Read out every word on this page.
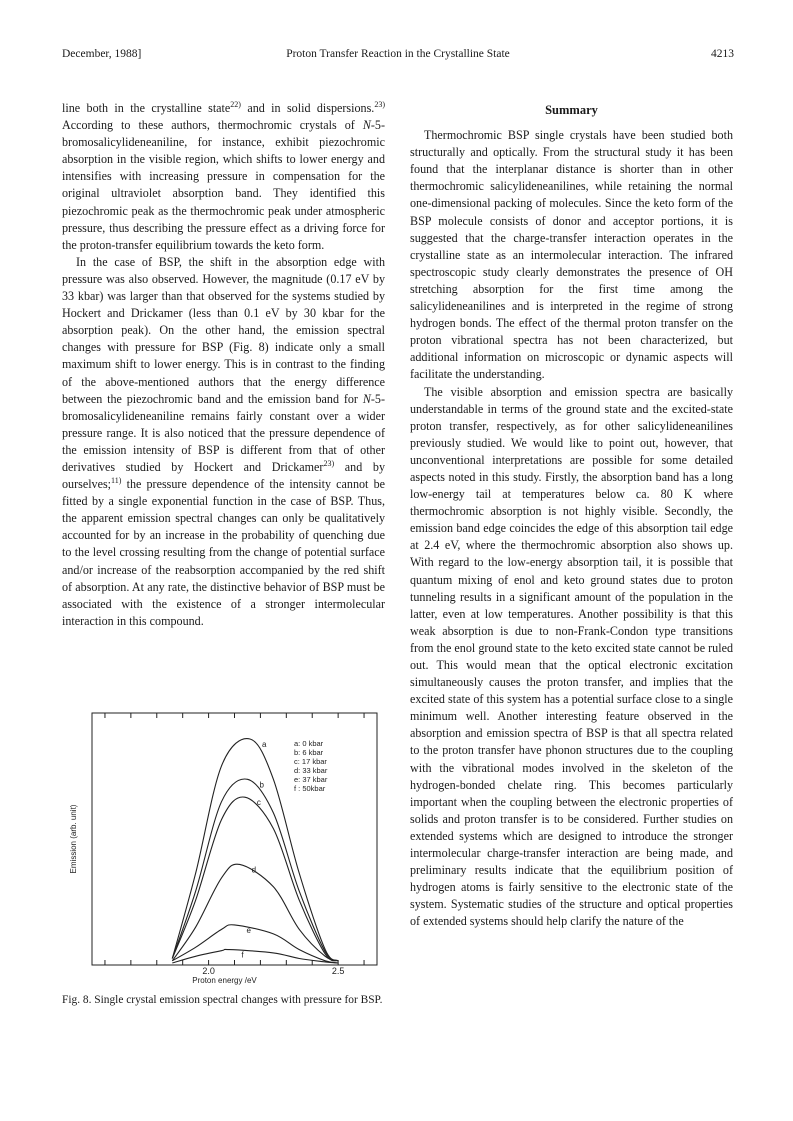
December, 1988]	Proton Transfer Reaction in the Crystalline State	4213

line both in the crystalline state$^{22)}$ and in solid dispersions.$^{23)}$ According to these authors, thermochromic crystals of N-5-bromosalicylideneaniline, for instance, exhibit piezochromic absorption in the visible region, which shifts to lower energy and intensifies with increasing pressure in compensation for the original ultraviolet absorption band. They identified this piezochromic peak as the thermochromic peak under atmospheric pressure, thus describing the pressure effect as a driving force for the proton-transfer equilibrium towards the keto form.

In the case of BSP, the shift in the absorption edge with pressure was also observed. However, the magnitude (0.17 eV by 33 kbar) was larger than that observed for the systems studied by Hockert and Drickamer (less than 0.1 eV by 30 kbar for the absorption peak). On the other hand, the emission spectral changes with pressure for BSP (Fig. 8) indicate only a small maximum shift to lower energy. This is in contrast to the finding of the above-mentioned authors that the energy difference between the piezochromic band and the emission band for N-5-bromosalicylideneaniline remains fairly constant over a wider pressure range. It is also noticed that the pressure dependence of the emission intensity of BSP is different from that of other derivatives studied by Hockert and Drickamer$^{23)}$ and by ourselves;$^{11)}$ the pressure dependence of the intensity cannot be fitted by a single exponential function in the case of BSP. Thus, the apparent emission spectral changes can only be qualitatively accounted for by an increase in the probability of quenching due to the level crossing resulting from the change of potential surface and/or increase of the reabsorption accompanied by the red shift of absorption. At any rate, the distinctive behavior of BSP must be associated with the existence of a stronger intermolecular interaction in this compound.

2.0	2.5
Proton energy /eV
Emission (arb. unit)
a
b
c
d
e
f
a: 0 kbar
b: 6 kbar
c: 17 kbar
d: 33 kbar
e: 37 kbar
f : 50kbar

Fig. 8. Single crystal emission spectral changes with pressure for BSP.

Summary

Thermochromic BSP single crystals have been studied both structurally and optically. From the structural study it has been found that the interplanar distance is shorter than in other thermochromic salicylideneanilines, while retaining the normal one-dimensional packing of molecules. Since the keto form of the BSP molecule consists of donor and acceptor portions, it is suggested that the charge-transfer interaction operates in the crystalline state as an intermolecular interaction. The infrared spectroscopic study clearly demonstrates the presence of OH stretching absorption for the first time among the salicylideneanilines and is interpreted in the regime of strong hydrogen bonds. The effect of the thermal proton transfer on the proton vibrational spectra has not been characterized, but additional information on microscopic or dynamic aspects will facilitate the understanding.

The visible absorption and emission spectra are basically understandable in terms of the ground state and the excited-state proton transfer, respectively, as for other salicylideneanilines previously studied. We would like to point out, however, that unconventional interpretations are possible for some detailed aspects noted in this study. Firstly, the absorption band has a long low-energy tail at temperatures below ca. 80 K where thermochromic absorption is not highly visible. Secondly, the emission band edge coincides the edge of this absorption tail edge at 2.4 eV, where the thermochromic absorption also shows up. With regard to the low-energy absorption tail, it is possible that quantum mixing of enol and keto ground states due to proton tunneling results in a significant amount of the population in the latter, even at low temperatures. Another possibility is that this weak absorption is due to non-Frank-Condon type transitions from the enol ground state to the keto excited state cannot be ruled out. This would mean that the optical electronic excitation simultaneously causes the proton transfer, and implies that the excited state of this system has a potential surface close to a single minimum well. Another interesting feature observed in the absorption and emission spectra of BSP is that all spectra related to the proton transfer have phonon structures due to the coupling with the vibrational modes involved in the skeleton of the hydrogen-bonded chelate ring. This becomes particularly important when the coupling between the electronic properties of solids and proton transfer is to be considered. Further studies on extended systems which are designed to introduce the stronger intermolecular charge-transfer interaction are being made, and preliminary results indicate that the equilibrium position of hydrogen atoms is fairly sensitive to the electronic state of the system. Systematic studies of the structure and optical properties of extended systems should help clarify the nature of the
